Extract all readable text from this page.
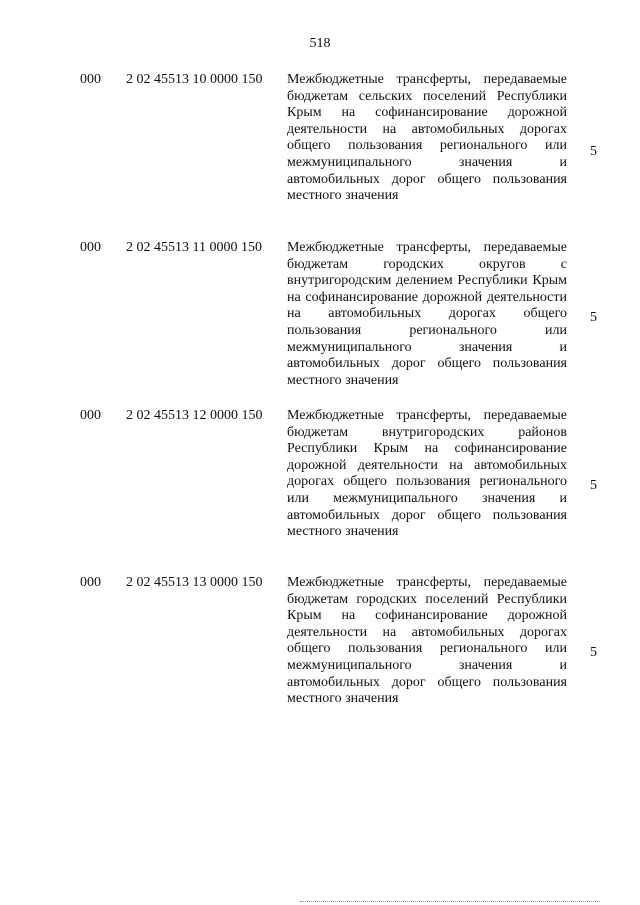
518
000 2 02 45513 10 0000 150 Межбюджетные трансферты, передаваемые бюджетам сельских поселений Республики Крым на софинансирование дорожной деятельности на автомобильных дорогах общего пользования регионального или межмуниципального значения и автомобильных дорог общего пользования местного значения
5
000 2 02 45513 11 0000 150 Межбюджетные трансферты, передаваемые бюджетам городских округов с внутригородским делением Республики Крым на софинансирование дорожной деятельности на автомобильных дорогах общего пользования регионального или межмуниципального значения и автомобильных дорог общего пользования местного значения
5
000 2 02 45513 12 0000 150 Межбюджетные трансферты, передаваемые бюджетам внутригородских районов Республики Крым на софинансирование дорожной деятельности на автомобильных дорогах общего пользования регионального или межмуниципального значения и автомобильных дорог общего пользования местного значения
5
000 2 02 45513 13 0000 150 Межбюджетные трансферты, передаваемые бюджетам городских поселений Республики Крым на софинансирование дорожной деятельности на автомобильных дорогах общего пользования регионального или межмуниципального значения и автомобильных дорог общего пользования местного значения
5
